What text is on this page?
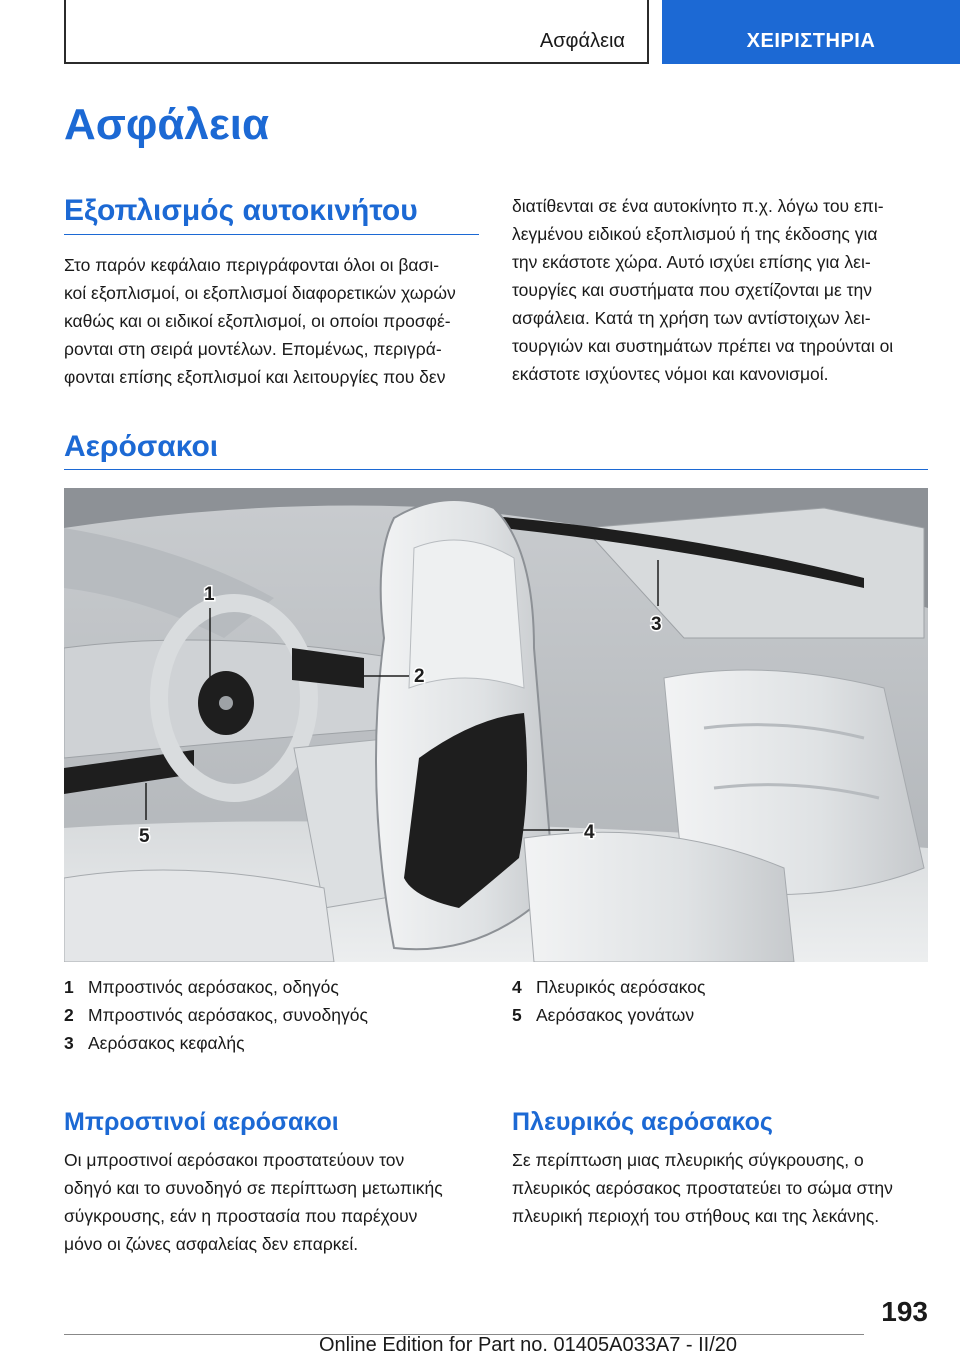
Ασφάλεια	ΧΕΙΡΙΣΤΗΡΙΑ
Ασφάλεια
Εξοπλισμός αυτοκινήτου
Στο παρόν κεφάλαιο περιγράφονται όλοι οι βασι‐
κοί εξοπλισμοί, οι εξοπλισμοί διαφορετικών χωρών
καθώς και οι ειδικοί εξοπλισμοί, οι οποίοι προσφέ‐
ρονται στη σειρά μοντέλων. Επομένως, περιγρά‐
φονται επίσης εξοπλισμοί και λειτουργίες που δεν
διατίθενται σε ένα αυτοκίνητο π.χ. λόγω του επι‐
λεγμένου ειδικού εξοπλισμού ή της έκδοσης για
την εκάστοτε χώρα. Αυτό ισχύει επίσης για λει‐
τουργίες και συστήματα που σχετίζονται με την
ασφάλεια. Κατά τη χρήση των αντίστοιχων λει‐
τουργιών και συστημάτων πρέπει να τηρούνται οι
εκάστοτε ισχύοντες νόμοι και κανονισμοί.
Αερόσακοι
1
2
3
4
5
1 Μπροστινός αερόσακος, οδηγός
2 Μπροστινός αερόσακος, συνοδηγός
3 Αερόσακος κεφαλής
4 Πλευρικός αερόσακος
5 Αερόσακος γονάτων
Μπροστινοί αερόσακοι
Οι μπροστινοί αερόσακοι προστατεύουν τον
οδηγό και το συνοδηγό σε περίπτωση μετωπικής
σύγκρουσης, εάν η προστασία που παρέχουν
μόνο οι ζώνες ασφαλείας δεν επαρκεί.
Πλευρικός αερόσακος
Σε περίπτωση μιας πλευρικής σύγκρουσης, ο
πλευρικός αερόσακος προστατεύει το σώμα στην
πλευρική περιοχή του στήθους και της λεκάνης.
193
Online Edition for Part no. 01405A033A7 - II/20
